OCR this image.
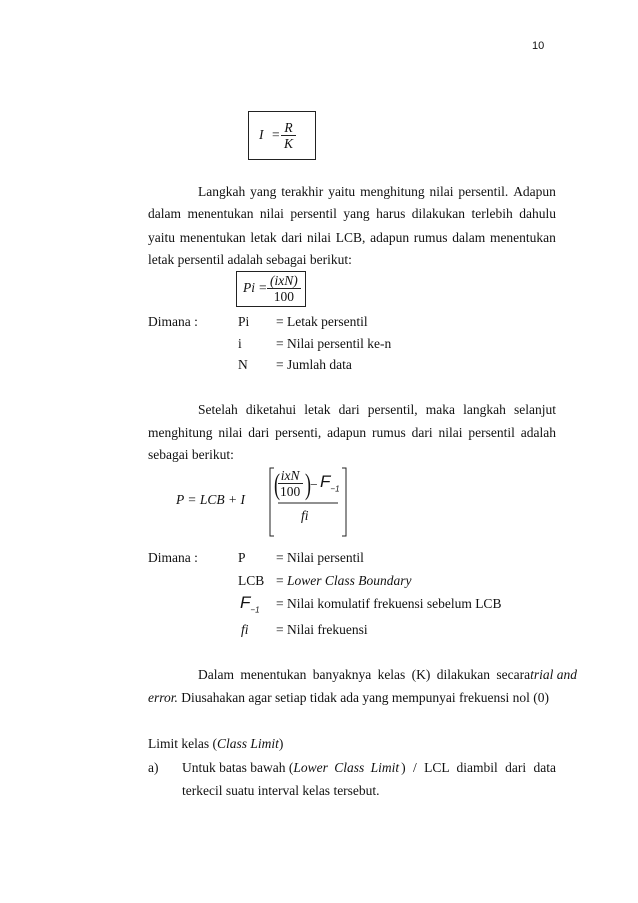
10
$I = \frac{R}{K}$
Langkah yang terakhir yaitu menghitung nilai persentil. Adapun
dalam menentukan nilai persentil yang harus dilakukan terlebih dahulu
yaitu menentukan letak dari nilai LCB, adapun rumus dalam menentukan
letak persentil adalah sebagai berikut:
Pi = (ixN)
100
Dimana :	Pi = Letak persentil
i	= Nilai persentil ke-n
N = Jumlah data
Setelah diketahui letak dari persentil, maka langkah selanjut
menghitung nilai dari persenti, adapun rumus dari nilai persentil adalah
sebagai berikut:
P = LCB + I ( ixN
100 ) − $F_{-1}$
fi
Dimana :	P = Nilai persentil
LCB = Lower Class Boundary
$F_{-1}$ = Nilai komulatif frekuensi sebelum LCB
fi = Nilai frekuensi
Dalam menentukan banyaknya kelas (K) dilakukan secara trial and
error. Diusahakan agar setiap tidak ada yang mempunyai frekuensi nol (0)
Limit kelas (Class Limit)
a) Untuk batas bawah (Lower Class Limit ) / LCL diambil dari data
terkecil suatu interval kelas tersebut.
